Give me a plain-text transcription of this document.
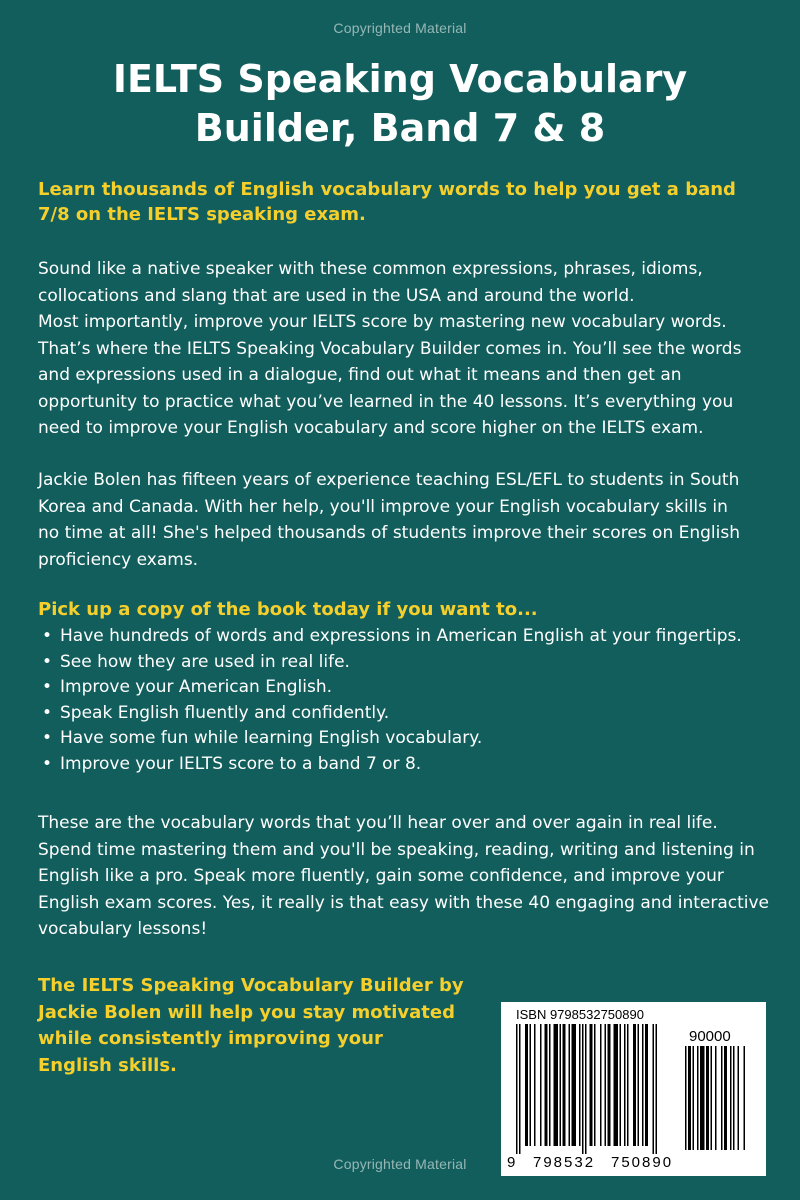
Copyrighted Material
IELTS Speaking Vocabulary
Builder, Band 7 & 8
Learn thousands of English vocabulary words to help you get a band
7/8 on the IELTS speaking exam.
Sound like a native speaker with these common expressions, phrases, idioms,
collocations and slang that are used in the USA and around the world.
Most importantly, improve your IELTS score by mastering new vocabulary words.
That’s where the IELTS Speaking Vocabulary Builder comes in. You’ll see the words
and expressions used in a dialogue, find out what it means and then get an
opportunity to practice what you’ve learned in the 40 lessons. It’s everything you
need to improve your English vocabulary and score higher on the IELTS exam.
Jackie Bolen has fifteen years of experience teaching ESL/EFL to students in South
Korea and Canada. With her help, you'll improve your English vocabulary skills in
no time at all! She's helped thousands of students improve their scores on English
proficiency exams.
Pick up a copy of the book today if you want to...
• Have hundreds of words and expressions in American English at your fingertips.
• See how they are used in real life.
• Improve your American English.
• Speak English fluently and confidently.
• Have some fun while learning English vocabulary.
• Improve your IELTS score to a band 7 or 8.
These are the vocabulary words that you’ll hear over and over again in real life.
Spend time mastering them and you'll be speaking, reading, writing and listening in
English like a pro. Speak more fluently, gain some confidence, and improve your
English exam scores. Yes, it really is that easy with these 40 engaging and interactive
vocabulary lessons!
The IELTS Speaking Vocabulary Builder by
Jackie Bolen will help you stay motivated
while consistently improving your
English skills.
ISBN 9798532750890
90000
9 798532 750890
Copyrighted Material
